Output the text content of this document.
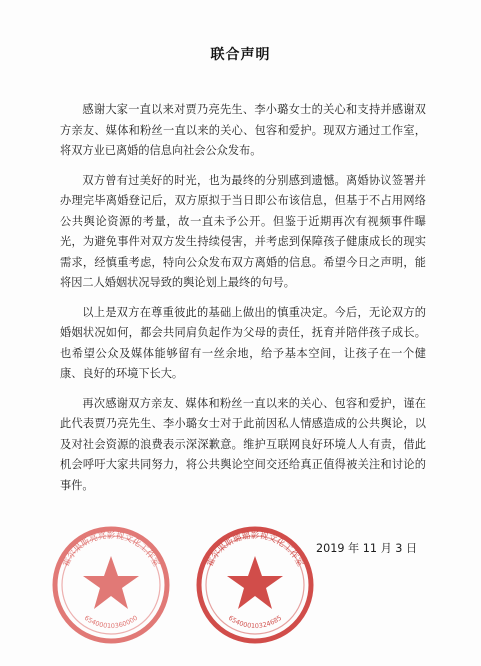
联合声明

感谢大家一直以来对贾乃亮先生、李小璐女士的关心和支持并感谢双方亲友、媒体和粉丝一直以来的关心、包容和爱护。现双方通过工作室，将双方业已离婚的信息向社会公众发布。

双方曾有过美好的时光，也为最终的分别感到遗憾。离婚协议签署并办理完毕离婚登记后，双方原拟于当日即公布该信息，但基于不占用网络公共舆论资源的考量，故一直未予公开。但鉴于近期再次有视频事件曝光，为避免事件对双方发生持续侵害，并考虑到保障孩子健康成长的现实需求，经慎重考虑，特向公众发布双方离婚的信息。希望今日之声明，能将因二人婚姻状况导致的舆论划上最终的句号。

以上是双方在尊重彼此的基础上做出的慎重决定。今后，无论双方的婚姻状况如何，都会共同肩负起作为父母的责任，抚育并陪伴孩子成长。也希望公众及媒体能够留有一丝余地，给予基本空间，让孩子在一个健康、良好的环境下长大。

再次感谢双方亲友、媒体和粉丝一直以来的关心、包容和爱护，谨在此代表贾乃亮先生、李小璐女士对于此前因私人情感造成的公共舆论，以及对社会资源的浪费表示深深歉意。维护互联网良好环境人人有责，借此机会呼吁大家共同努力，将公共舆论空间交还给真正值得被关注和讨论的事件。

2019 年 11 月 3 日
霍尔果斯亮亮影视文化工作室
65400010360000
霍尔果斯璐璐影视文化工作室
65400010324685
